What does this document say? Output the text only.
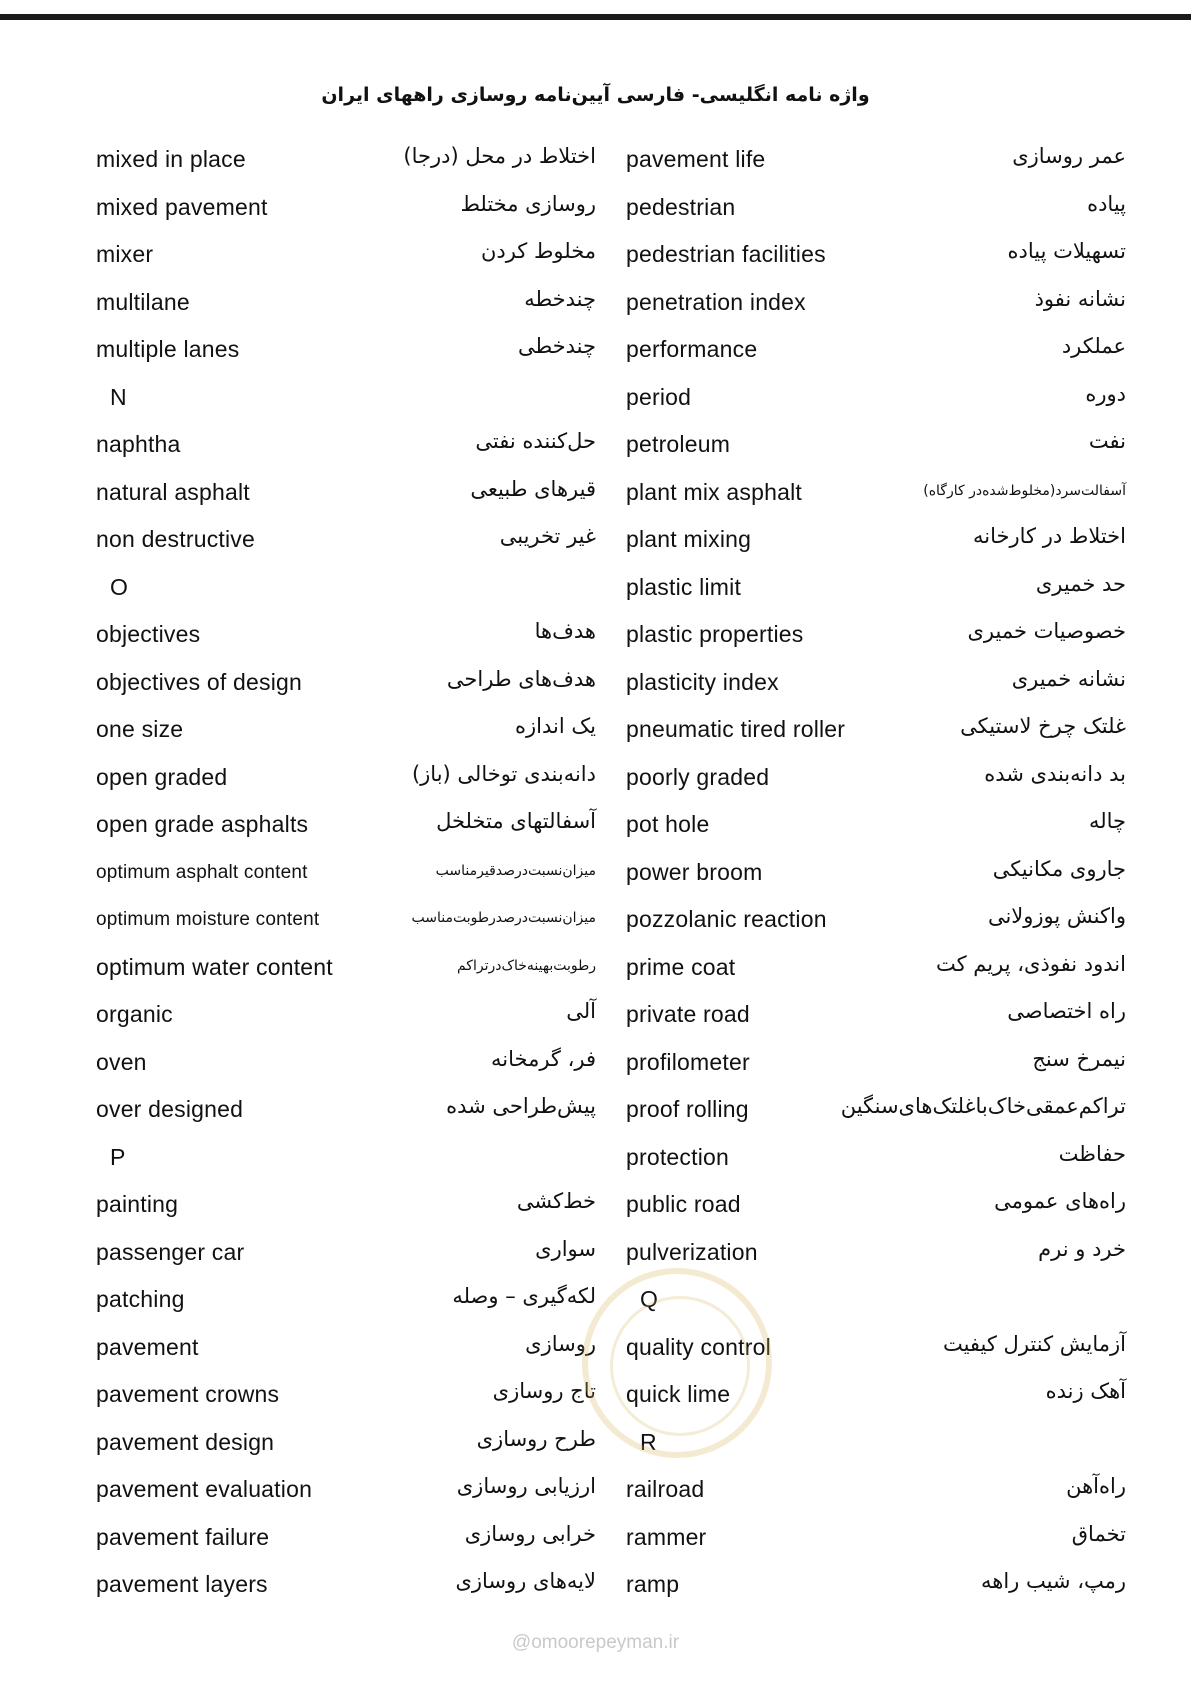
واژه نامه انگلیسی- فارسی آیین‌نامه روسازی راههای ایران
mixed in place	اختلاط در محل (درجا)
mixed pavement	روسازی مختلط
mixer	مخلوط کردن
multilane	چندخطه
multiple lanes	چندخطی
N
naphtha	حل‌کننده نفتی
natural asphalt	قیرهای طبیعی
non destructive	غیر تخریبی
O
objectives	هدف‌ها
objectives of design	هدف‌های طراحی
one size	یک اندازه
open graded	دانه‌بندی توخالی (باز)
open grade asphalts	آسفالتهای متخلخل
optimum asphalt content	میزان‌نسبت‌درصدقیرمناسب
optimum moisture content	میزان‌نسبت‌درصدرطوبت‌مناسب
optimum water content	رطوبت‌بهینه‌خاک‌درتراکم
organic	آلی
oven	فر، گرمخانه
over designed	پیش‌طراحی شده
P
painting	خط‌کشی
passenger car	سواری
patching	لکه‌گیری – وصله
pavement	روسازی
pavement crowns	تاج روسازی
pavement design	طرح روسازی
pavement evaluation	ارزیابی روسازی
pavement failure	خرابی روسازی
pavement layers	لایه‌های روسازی
pavement life	عمر روسازی
pedestrian	پیاده
pedestrian facilities	تسهیلات پیاده
penetration index	نشانه نفوذ
performance	عملکرد
period	دوره
petroleum	نفت
plant mix asphalt	آسفالت‌سرد(مخلوط‌شده‌در کارگاه)
plant mixing	اختلاط در کارخانه
plastic limit	حد خمیری
plastic properties	خصوصیات خمیری
plasticity index	نشانه خمیری
pneumatic tired roller	غلتک چرخ لاستیکی
poorly graded	بد دانه‌بندی شده
pot hole	چاله
power broom	جاروی مکانیکی
pozzolanic reaction	واکنش پوزولانی
prime coat	اندود نفوذی، پریم کت
private road	راه اختصاصی
profilometer	نیمرخ سنج
proof rolling	تراکم‌عمقی‌خاک‌باغلتک‌های‌سنگین
protection	حفاظت
public road	راه‌های عمومی
pulverization	خرد و نرم
Q
quality control	آزمایش کنترل کیفیت
quick lime	آهک زنده
R
railroad	راه‌آهن
rammer	تخماق
ramp	رمپ، شیب راهه
@omoorepeyman.ir
